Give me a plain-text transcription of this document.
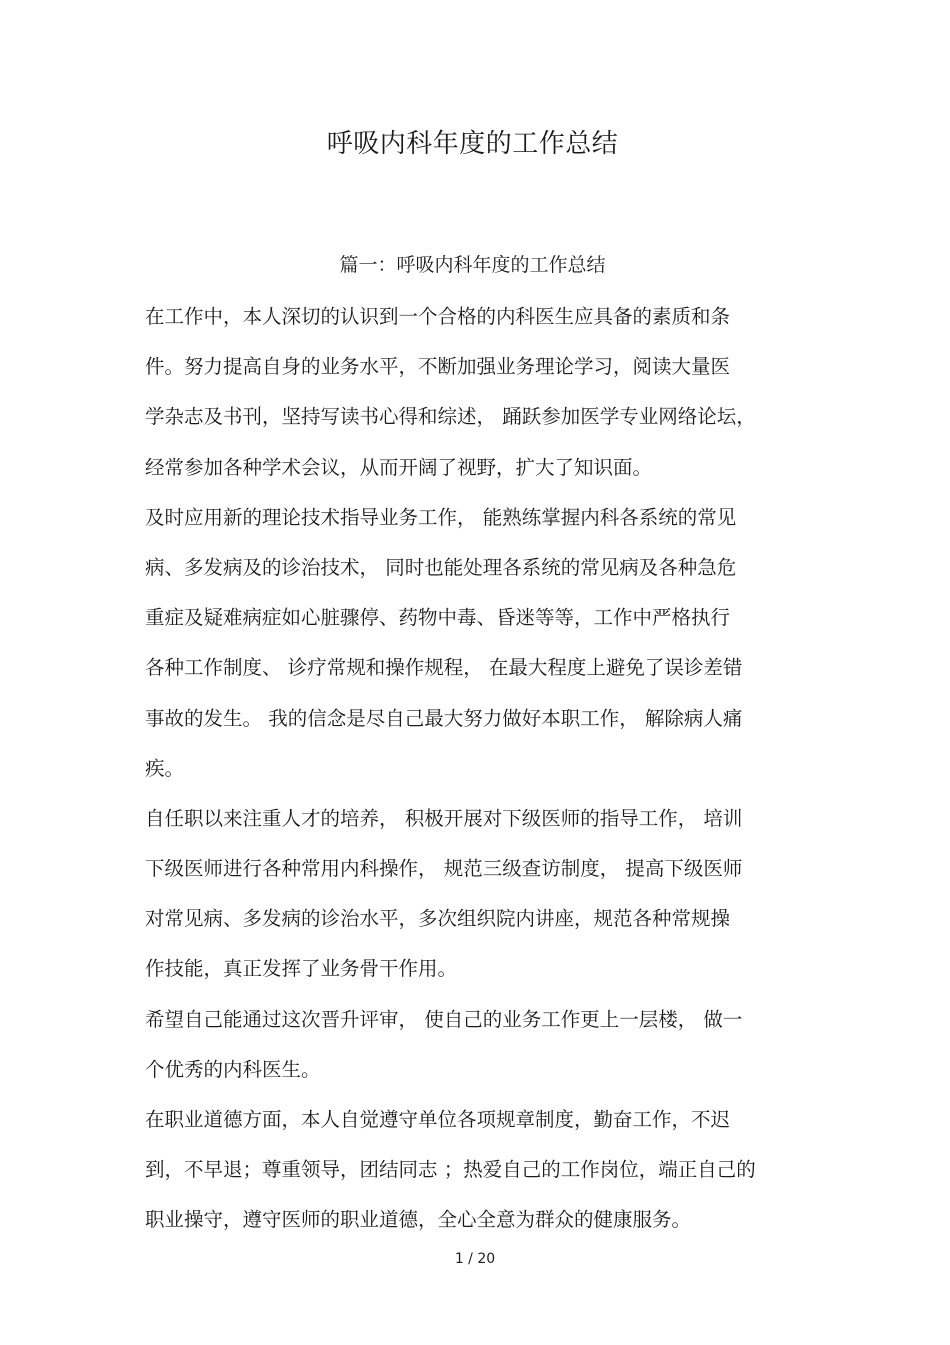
呼吸内科年度的工作总结
篇一：呼吸内科年度的工作总结
在工作中，本人深切的认识到一个合格的内科医生应具备的素质和条
件。努力提高自身的业务水平，不断加强业务理论学习，阅读大量医
学杂志及书刊，坚持写读书心得和综述， 踊跃参加医学专业网络论坛，
经常参加各种学术会议，从而开阔了视野，扩大了知识面。
及时应用新的理论技术指导业务工作， 能熟练掌握内科各系统的常见
病、多发病及的诊治技术， 同时也能处理各系统的常见病及各种急危
重症及疑难病症如心脏骤停、药物中毒、昏迷等等，工作中严格执行
各种工作制度、 诊疗常规和操作规程， 在最大程度上避免了误诊差错
事故的发生。 我的信念是尽自己最大努力做好本职工作， 解除病人痛
疾。
自任职以来注重人才的培养， 积极开展对下级医师的指导工作， 培训
下级医师进行各种常用内科操作， 规范三级查访制度， 提高下级医师
对常见病、多发病的诊治水平，多次组织院内讲座，规范各种常规操
作技能，真正发挥了业务骨干作用。
希望自己能通过这次晋升评审， 使自己的业务工作更上一层楼， 做一
个优秀的内科医生。
在职业道德方面，本人自觉遵守单位各项规章制度，勤奋工作，不迟
到，不早退；尊重领导，团结同志 ；热爱自己的工作岗位，端正自己的
职业操守，遵守医师的职业道德，全心全意为群众的健康服务。
1 / 20
